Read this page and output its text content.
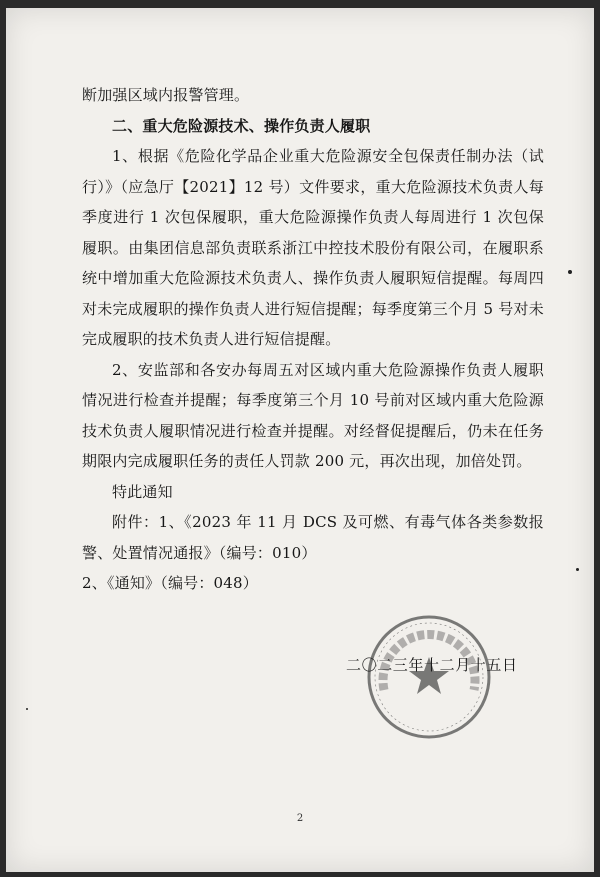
断加强区域内报警管理。

二、重大危险源技术、操作负责人履职

1、根据《危险化学品企业重大危险源安全包保责任制办法（试行）》（应急厅【2021】12 号）文件要求，重大危险源技术负责人每季度进行 1 次包保履职，重大危险源操作负责人每周进行 1 次包保履职。由集团信息部负责联系浙江中控技术股份有限公司，在履职系统中增加重大危险源技术负责人、操作负责人履职短信提醒。每周四对未完成履职的操作负责人进行短信提醒；每季度第三个月 5 号对未完成履职的技术负责人进行短信提醒。

2、安监部和各安办每周五对区域内重大危险源操作负责人履职情况进行检查并提醒；每季度第三个月 10 号前对区域内重大危险源技术负责人履职情况进行检查并提醒。对经督促提醒后，仍未在任务期限内完成履职任务的责任人罚款 200 元，再次出现，加倍处罚。

特此通知

附件：1、《2023 年 11 月 DCS 及可燃、有毒气体各类参数报警、处置情况通报》（编号：010）

2、《通知》（编号：048）

二〇二三年十二月十五日
2
